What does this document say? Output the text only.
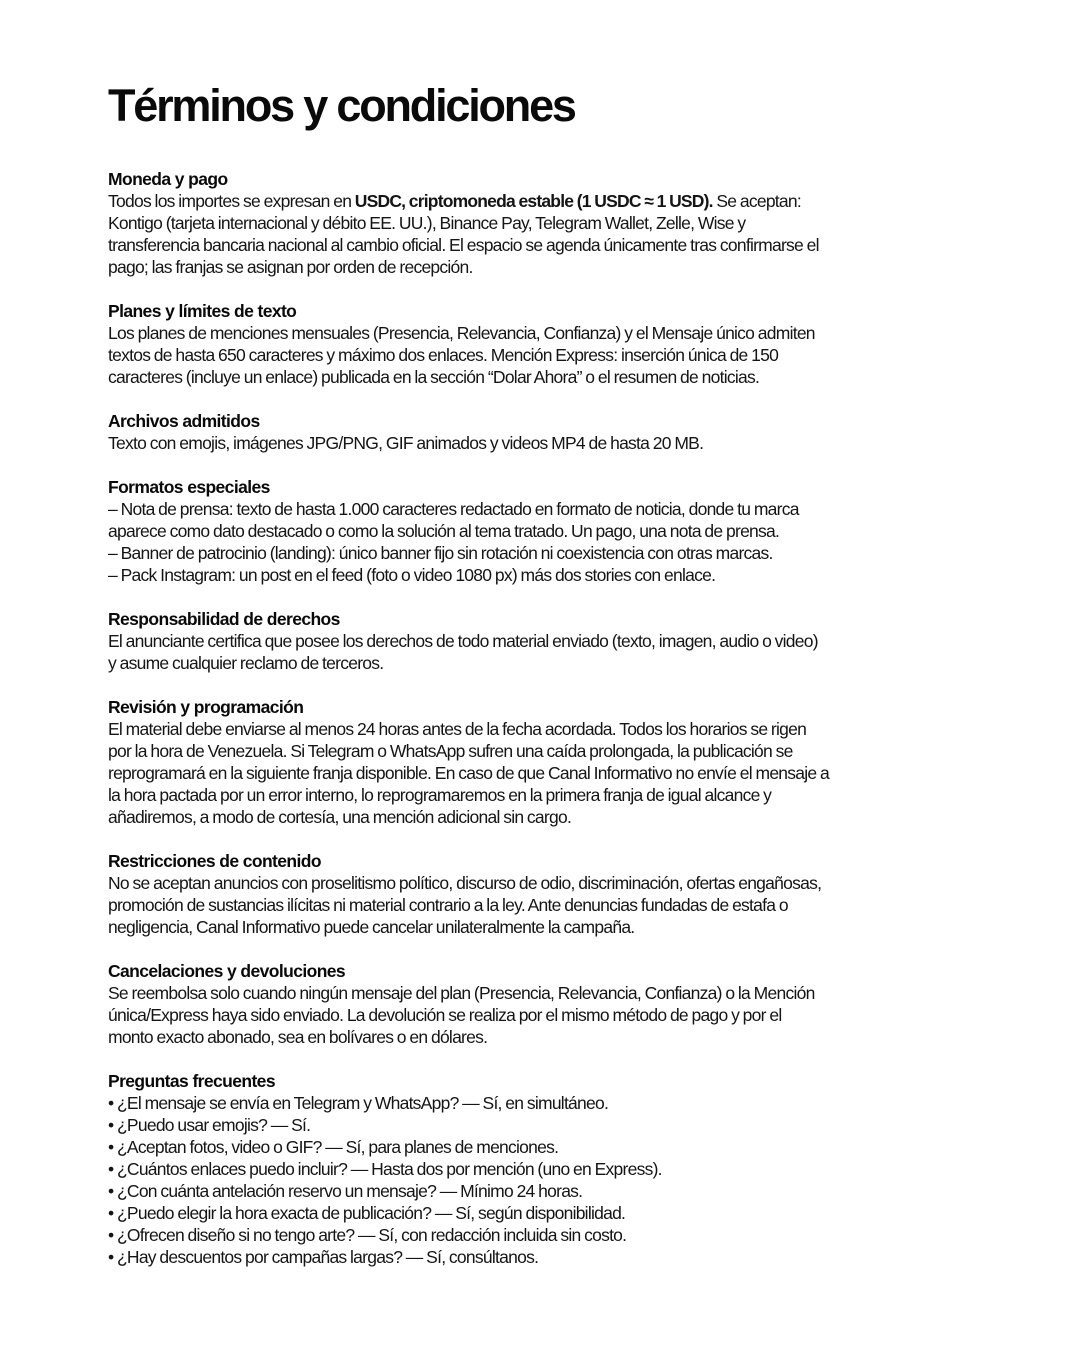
Términos y condiciones
Moneda y pago
Todos los importes se expresan en USDC, criptomoneda estable (1 USDC ≈ 1 USD). Se aceptan:
Kontigo (tarjeta internacional y débito EE. UU.), Binance Pay, Telegram Wallet, Zelle, Wise y
transferencia bancaria nacional al cambio oficial. El espacio se agenda únicamente tras confirmarse el
pago; las franjas se asignan por orden de recepción.
Planes y límites de texto
Los planes de menciones mensuales (Presencia, Relevancia, Confianza) y el Mensaje único admiten
textos de hasta 650 caracteres y máximo dos enlaces. Mención Express: inserción única de 150
caracteres (incluye un enlace) publicada en la sección “Dolar Ahora” o el resumen de noticias.
Archivos admitidos
Texto con emojis, imágenes JPG/PNG, GIF animados y videos MP4 de hasta 20 MB.
Formatos especiales
– Nota de prensa: texto de hasta 1.000 caracteres redactado en formato de noticia, donde tu marca
aparece como dato destacado o como la solución al tema tratado. Un pago, una nota de prensa.
– Banner de patrocinio (landing): único banner fijo sin rotación ni coexistencia con otras marcas.
– Pack Instagram: un post en el feed (foto o video 1080 px) más dos stories con enlace.
Responsabilidad de derechos
El anunciante certifica que posee los derechos de todo material enviado (texto, imagen, audio o video)
y asume cualquier reclamo de terceros.
Revisión y programación
El material debe enviarse al menos 24 horas antes de la fecha acordada. Todos los horarios se rigen
por la hora de Venezuela. Si Telegram o WhatsApp sufren una caída prolongada, la publicación se
reprogramará en la siguiente franja disponible. En caso de que Canal Informativo no envíe el mensaje a
la hora pactada por un error interno, lo reprogramaremos en la primera franja de igual alcance y
añadiremos, a modo de cortesía, una mención adicional sin cargo.
Restricciones de contenido
No se aceptan anuncios con proselitismo político, discurso de odio, discriminación, ofertas engañosas,
promoción de sustancias ilícitas ni material contrario a la ley. Ante denuncias fundadas de estafa o
negligencia, Canal Informativo puede cancelar unilateralmente la campaña.
Cancelaciones y devoluciones
Se reembolsa solo cuando ningún mensaje del plan (Presencia, Relevancia, Confianza) o la Mención
única/Express haya sido enviado. La devolución se realiza por el mismo método de pago y por el
monto exacto abonado, sea en bolívares o en dólares.
Preguntas frecuentes
• ¿El mensaje se envía en Telegram y WhatsApp? — Sí, en simultáneo.
• ¿Puedo usar emojis? — Sí.
• ¿Aceptan fotos, video o GIF? — Sí, para planes de menciones.
• ¿Cuántos enlaces puedo incluir? — Hasta dos por mención (uno en Express).
• ¿Con cuánta antelación reservo un mensaje? — Mínimo 24 horas.
• ¿Puedo elegir la hora exacta de publicación? — Sí, según disponibilidad.
• ¿Ofrecen diseño si no tengo arte? — Sí, con redacción incluida sin costo.
• ¿Hay descuentos por campañas largas? — Sí, consúltanos.
